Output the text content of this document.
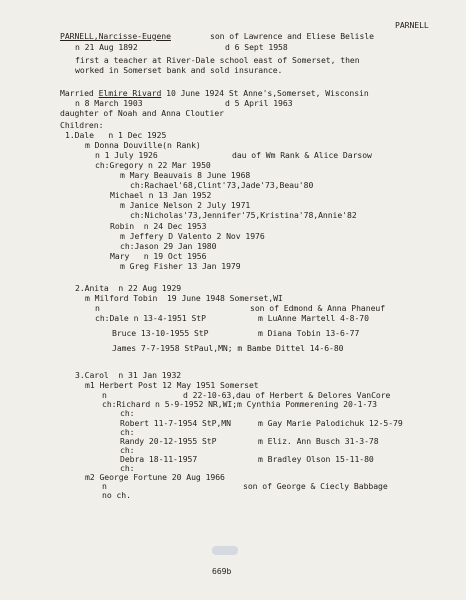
PARNELL
PARNELL,Narcisse-Eugene	son of Lawrence and Eliese Belisle
n 21 Aug 1892	d 6 Sept 1958
first a teacher at River-Dale school east of Somerset, then
worked in Somerset bank and sold insurance.
Married Elmire Rivard 10 June 1924 St Anne's,Somerset, Wisconsin
n 8 March 1903	d 5 April 1963
daughter of Noah and Anna Cloutier
Children:
1.Dale   n 1 Dec 1925
m Donna Douville(n Rank)
n 1 July 1926	dau of Wm Rank & Alice Darsow
ch:Gregory n 22 Mar 1950
m Mary Beauvais 8 June 1968
ch:Rachael'68,Clint'73,Jade'73,Beau'80
Michael n 13 Jan 1952
m Janice Nelson 2 July 1971
ch:Nicholas'73,Jennifer'75,Kristina'78,Annie'82
Robin  n 24 Dec 1953
m Jeffery D Valento 2 Nov 1976
ch:Jason 29 Jan 1980
Mary   n 19 Oct 1956
m Greg Fisher 13 Jan 1979
2.Anita  n 22 Aug 1929
m Milford Tobin  19 June 1948 Somerset,WI
n	son of Edmond & Anna Phaneuf
ch:Dale n 13-4-1951 StP	m LuAnne Martell 4-8-70
Bruce 13-10-1955 StP	m Diana Tobin 13-6-77
James 7-7-1958 StPaul,MN; m Bambe Dittel 14-6-80
3.Carol  n 31 Jan 1932
m1 Herbert Post 12 May 1951 Somerset
n	d 22-10-63,dau of Herbert & Delores VanCore
ch:Richard n 5-9-1952 NR,WI;m Cynthia Pommerening 20-1-73
ch:
Robert 11-7-1954 StP,MN	m Gay Marie Palodichuk 12-5-79
ch:
Randy 20-12-1955 StP	m Eliz. Ann Busch 31-3-78
ch:
Debra 18-11-1957	m Bradley Olson 15-11-80
ch:
m2 George Fortune 20 Aug 1966
n	son of George & Ciecly Babbage
no ch.
669b
